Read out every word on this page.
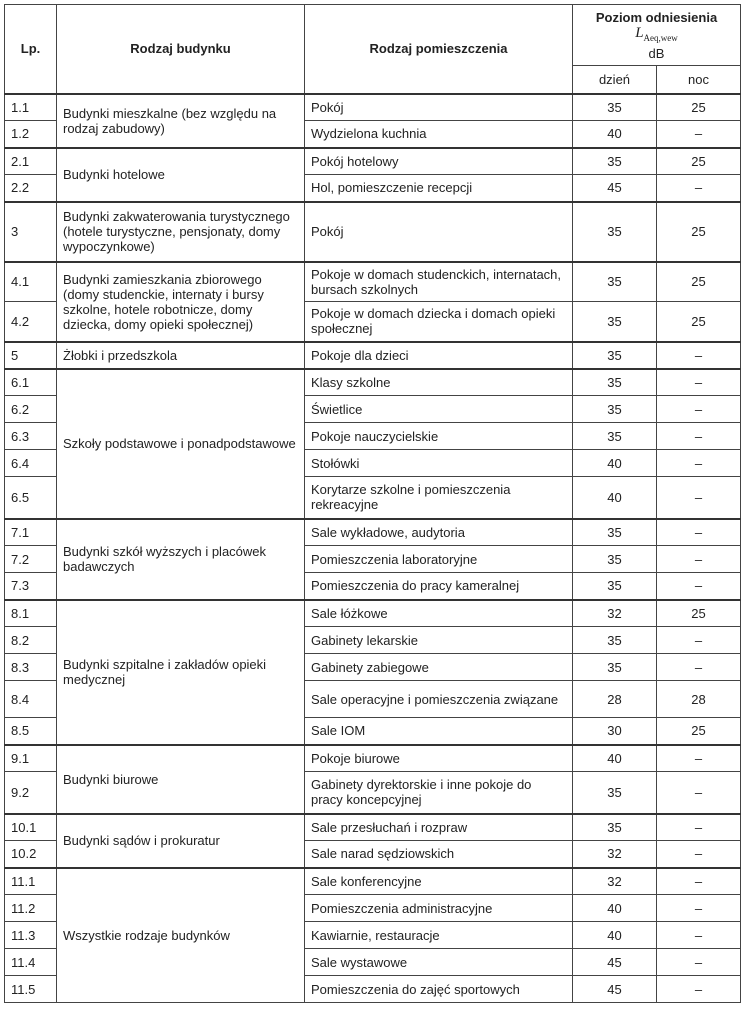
Lp.	Rodzaj budynku	Rodzaj pomieszczenia	Poziom odniesienia
$L_{Aeq,wew}$
dB	

			dzień	noc
1.1	Budynki mieszkalne (bez względu na rodzaj zabudowy)	Pokój	35	25
1.2		Wydzielona kuchnia	40	–
2.1	Budynki hotelowe	Pokój hotelowy	35	25
2.2		Hol, pomieszczenie recepcji	45	–
3	Budynki zakwaterowania turystycznego (hotele turystyczne, pensjonaty, domy wypoczynkowe)	Pokój	35	25
4.1	Budynki zamieszkania zbiorowego (domy studenckie, internaty i bursy szkolne, hotele robotnicze, domy dziecka, domy opieki społecznej)	Pokoje w domach studenckich, internatach, bursach szkolnych	35	25
4.2		Pokoje w domach dziecka i domach opieki społecznej	35	25
5	Żłobki i przedszkola	Pokoje dla dzieci	35	–
6.1	Szkoły podstawowe i ponadpodstawowe	Klasy szkolne	35	–
6.2		Świetlice	35	–
6.3		Pokoje nauczycielskie	35	–
6.4		Stołówki	40	–
6.5		Korytarze szkolne i pomieszczenia rekreacyjne	40	–
7.1	Budynki szkół wyższych i placówek badawczych	Sale wykładowe, audytoria	35	–
7.2		Pomieszczenia laboratoryjne	35	–
7.3		Pomieszczenia do pracy kameralnej	35	–
8.1	Budynki szpitalne i zakładów opieki medycznej	Sale łóżkowe	32	25
8.2		Gabinety lekarskie	35	–
8.3		Gabinety zabiegowe	35	–
8.4		Sale operacyjne i pomieszczenia związane	28	28
8.5		Sale IOM	30	25
9.1	Budynki biurowe	Pokoje biurowe	40	–
9.2		Gabinety dyrektorskie i inne pokoje do pracy koncepcyjnej	35	–
10.1	Budynki sądów i prokuratur	Sale przesłuchań i rozpraw	35	–
10.2		Sale narad sędziowskich	32	–
11.1	Wszystkie rodzaje budynków	Sale konferencyjne	32	–
11.2		Pomieszczenia administracyjne	40	–
11.3		Kawiarnie, restauracje	40	–
11.4		Sale wystawowe	45	–
11.5		Pomieszczenia do zajęć sportowych	45	–
